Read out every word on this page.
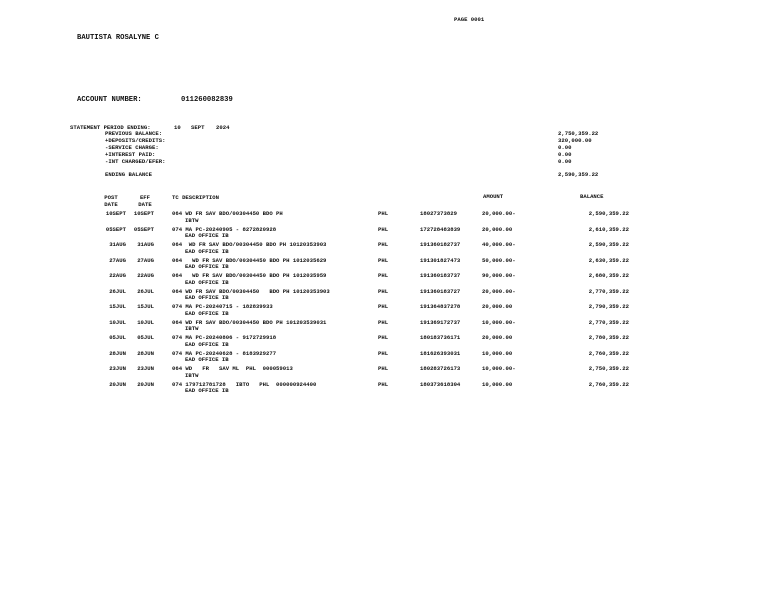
PAGE 0001
BAUTISTA ROSALYNE C
ACCOUNT NUMBER:	011260082839
STATEMENT PERIOD ENDING:	10 SEPT 2024
PREVIOUS BALANCE:	2,750,359.22
+DEPOSITS/CREDITS:	320,000.00
-SERVICE CHARGE:	0.00
+INTEREST PAID:	0.00
-INT CHARGED/EFER:	0.00
ENDING BALANCE	2,590,359.22
POST
DATE
EFF
DATE
TC DESCRIPTION	AMOUNT	BALANCE
10SEPT	10SEPT	064 WD FR SAV BDO/00304450 BDO PH	PHL	18027373829	20,000.00-	2,590,359.22
IBTW
05SEPT	05SEPT	074 MA PC-20240905 - 8272820928	PHL	172728483839	20,000.00	2,610,359.22
EAD OFFICE IB
31AUG	31AUG	064  WD FR SAV BDO/00304450 BDO PH 10120353903	PHL	191360182737	40,000.00-	2,590,359.22
EAD OFFICE IB
27AUG	27AUG	064   WD FR SAV BDO/00304450 BDO PH 1012035629	PHL	191301827473	50,000.00-	2,630,359.22
EAD OFFICE IB
22AUG	22AUG	064   WD FR SAV BDO/00304450 BDO PH 1012035959	PHL	191360183737	90,000.00-	2,680,359.22
EAD OFFICE IB
26JUL	26JUL	064 WD FR SAV BDO/00304450   BDO PH 10120353903	PHL	191360183727	20,000.00-	2,770,359.22
EAD OFFICE IB
15JUL	15JUL	074 MA PC-20240715 - 182839933	PHL	191364837278	20,000.00	2,790,359.22
EAD OFFICE IB
10JUL	10JUL	064 WD FR SAV BDO/00304450 BDO PH 101203539031	PHL	191369172737	10,000.00-	2,770,359.22
IBTW
05JUL	05JUL	074 MA PC-20240806 - 9172729918	PHL	180183736171	20,000.00	2,780,359.22
EAD OFFICE IB
28JUN	28JUN	074 MA PC-20240628 - 8183929277	PHL	181626393031	10,000.00	2,760,359.22
EAD OFFICE IB
23JUN	23JUN	064 WD   FR   SAV ML  PHL  000059013	PHL	180283726173	10,000.00-	2,750,359.22
IBTW
20JUN	20JUN	074 179712781728   IBTO   PHL  000000924400	PHL	180373618304	10,000.00	2,760,359.22
EAD OFFICE IB
